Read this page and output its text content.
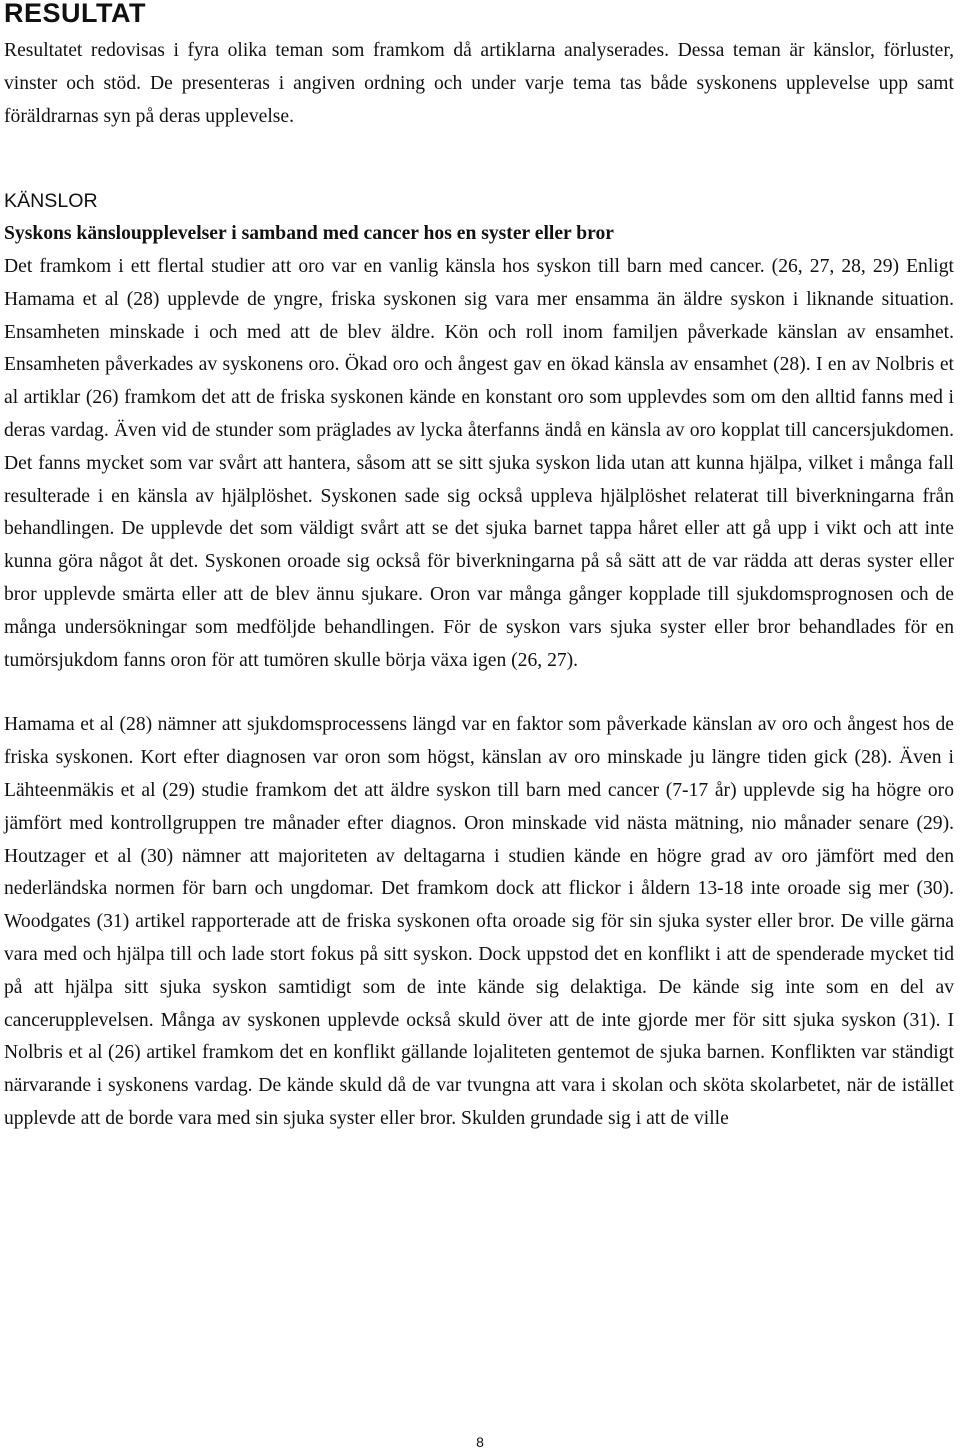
RESULTAT

Resultatet redovisas i fyra olika teman som framkom då artiklarna analyserades. Dessa teman är känslor, förluster, vinster och stöd. De presenteras i angiven ordning och under varje tema tas både syskonens upplevelse upp samt föräldrarnas syn på deras upplevelse.

KÄNSLOR
Syskons känsloupplevelser i samband med cancer hos en syster eller bror

Det framkom i ett flertal studier att oro var en vanlig känsla hos syskon till barn med cancer. (26, 27, 28, 29) Enligt Hamama et al (28) upplevde de yngre, friska syskonen sig vara mer ensamma än äldre syskon i liknande situation. Ensamheten minskade i och med att de blev äldre. Kön och roll inom familjen påverkade känslan av ensamhet. Ensamheten påverkades av syskonens oro. Ökad oro och ångest gav en ökad känsla av ensamhet (28). I en av Nolbris et al artiklar (26) framkom det att de friska syskonen kände en konstant oro som upplevdes som om den alltid fanns med i deras vardag. Även vid de stunder som präglades av lycka återfanns ändå en känsla av oro kopplat till cancersjukdomen. Det fanns mycket som var svårt att hantera, såsom att se sitt sjuka syskon lida utan att kunna hjälpa, vilket i många fall resulterade i en känsla av hjälplöshet. Syskonen sade sig också uppleva hjälplöshet relaterat till biverkningarna från behandlingen. De upplevde det som väldigt svårt att se det sjuka barnet tappa håret eller att gå upp i vikt och att inte kunna göra något åt det. Syskonen oroade sig också för biverkningarna på så sätt att de var rädda att deras syster eller bror upplevde smärta eller att de blev ännu sjukare. Oron var många gånger kopplade till sjukdomsprognosen och de många undersökningar som medföljde behandlingen. För de syskon vars sjuka syster eller bror behandlades för en tumörsjukdom fanns oron för att tumören skulle börja växa igen (26, 27).

Hamama et al (28) nämner att sjukdomsprocessens längd var en faktor som påverkade känslan av oro och ångest hos de friska syskonen. Kort efter diagnosen var oron som högst, känslan av oro minskade ju längre tiden gick (28). Även i Lähteenmäkis et al (29) studie framkom det att äldre syskon till barn med cancer (7-17 år) upplevde sig ha högre oro jämfört med kontrollgruppen tre månader efter diagnos. Oron minskade vid nästa mätning, nio månader senare (29). Houtzager et al (30) nämner att majoriteten av deltagarna i studien kände en högre grad av oro jämfört med den nederländska normen för barn och ungdomar. Det framkom dock att flickor i åldern 13-18 inte oroade sig mer (30). Woodgates (31) artikel rapporterade att de friska syskonen ofta oroade sig för sin sjuka syster eller bror. De ville gärna vara med och hjälpa till och lade stort fokus på sitt syskon. Dock uppstod det en konflikt i att de spenderade mycket tid på att hjälpa sitt sjuka syskon samtidigt som de inte kände sig delaktiga. De kände sig inte som en del av cancerupplevelsen. Många av syskonen upplevde också skuld över att de inte gjorde mer för sitt sjuka syskon (31). I Nolbris et al (26) artikel framkom det en konflikt gällande lojaliteten gentemot de sjuka barnen. Konflikten var ständigt närvarande i syskonens vardag. De kände skuld då de var tvungna att vara i skolan och sköta skolarbetet, när de istället upplevde att de borde vara med sin sjuka syster eller bror. Skulden grundade sig i att de ville

8
